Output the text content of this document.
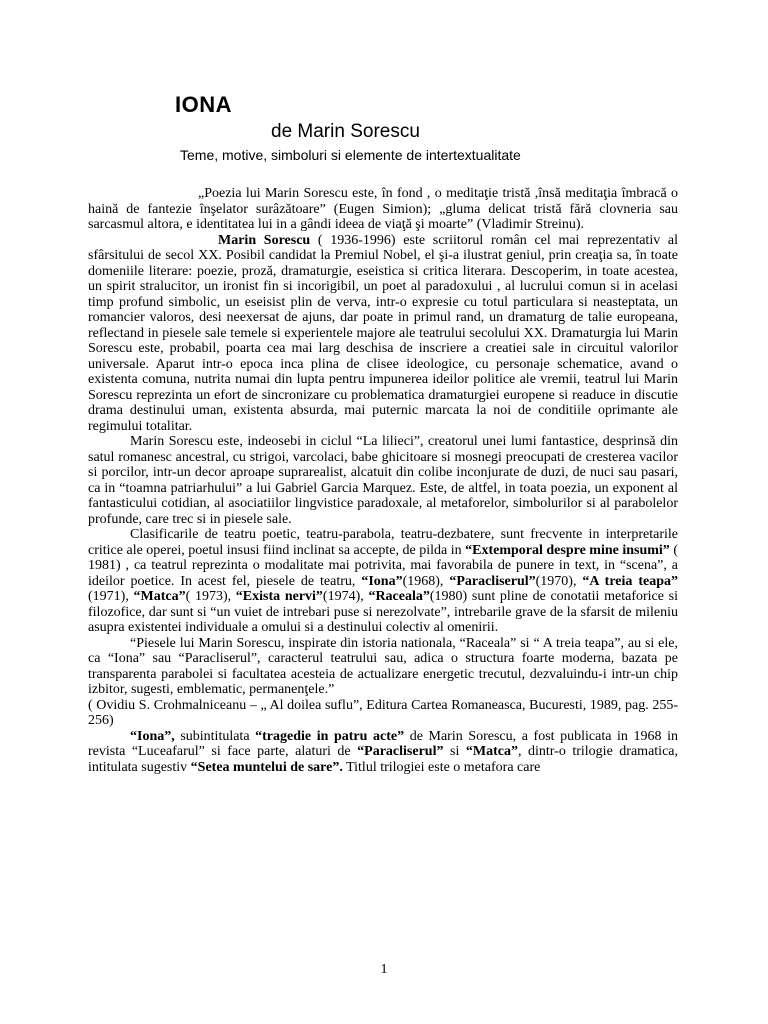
IONA
de Marin Sorescu
Teme, motive, simboluri si elemente de intertextualitate

„Poezia lui Marin Sorescu este, în fond , o meditaţie tristă ,însă meditaţia îmbracă o haină de fantezie înşelator surâzătoare” (Eugen Simion); „gluma delicat tristă fără clovneria sau sarcasmul altora, e identitatea lui in a gândi ideea de viaţă şi moarte” (Vladimir Streinu).

Marin Sorescu ( 1936-1996) este scriitorul român cel mai reprezentativ al sfârsitului de secol XX. Posibil candidat la Premiul Nobel, el şi-a ilustrat geniul, prin creaţia sa, în toate domeniile literare: poezie, proză, dramaturgie, eseistica si critica literara. Descoperim, in toate acestea, un spirit stralucitor, un ironist fin si incorigibil, un poet al paradoxului , al lucrului comun si in acelasi timp profund simbolic, un eseisist plin de verva, intr-o expresie cu totul particulara si neasteptata, un romancier valoros, desi neexersat de ajuns, dar poate in primul rand, un dramaturg de talie europeana, reflectand in piesele sale temele si experientele majore ale teatrului secolului XX. Dramaturgia lui Marin Sorescu este, probabil, poarta cea mai larg deschisa de inscriere a creatiei sale in circuitul valorilor universale. Aparut intr-o epoca inca plina de clisee ideologice, cu personaje schematice, avand o existenta comuna, nutrita numai din lupta pentru impunerea ideilor politice ale vremii, teatrul lui Marin Sorescu reprezinta un efort de sincronizare cu problematica dramaturgiei europene si readuce in discutie drama destinului uman, existenta absurda, mai puternic marcata la noi de conditiile oprimante ale regimului totalitar.

Marin Sorescu este, indeosebi in ciclul “La lilieci”, creatorul unei lumi fantastice, desprinsă din satul romanesc ancestral, cu strigoi, varcolaci, babe ghicitoare si mosnegi preocupati de cresterea vacilor si porcilor, intr-un decor aproape suprarealist, alcatuit din colibe inconjurate de duzi, de nuci sau pasari, ca in “toamna patriarhului” a lui Gabriel Garcia Marquez. Este, de altfel, in toata poezia, un exponent al fantasticului cotidian, al asociatiilor lingvistice paradoxale, al metaforelor, simbolurilor si al parabolelor profunde, care trec si in piesele sale.

Clasificarile de teatru poetic, teatru-parabola, teatru-dezbatere, sunt frecvente in interpretarile critice ale operei, poetul insusi fiind inclinat sa accepte, de pilda in “Extemporal despre mine insumi” ( 1981) , ca teatrul reprezinta o modalitate mai potrivita, mai favorabila de punere in text, in “scena”, a ideilor poetice. In acest fel, piesele de teatru, “Iona”(1968), “Paracliserul”(1970), “A treia teapa” (1971), “Matca”( 1973), “Exista nervi”(1974), “Raceala”(1980) sunt pline de conotatii metaforice si filozofice, dar sunt si “un vuiet de intrebari puse si nerezolvate”, intrebarile grave de la sfarsit de mileniu asupra existentei individuale a omului si a destinului colectiv al omenirii.

“Piesele lui Marin Sorescu, inspirate din istoria nationala, “Raceala” si “ A treia teapa”, au si ele, ca “Iona” sau “Paracliserul”, caracterul teatrului sau, adica o structura foarte moderna, bazata pe transparenta parabolei si facultatea acesteia de actualizare energetic trecutul, dezvaluindu-i intr-un chip izbitor, sugesti, emblematic, permanenţele.”

( Ovidiu S. Crohmalniceanu – „ Al doilea suflu”, Editura Cartea Romaneasca, Bucuresti, 1989, pag. 255-256)

“Iona”, subintitulata “tragedie in patru acte” de Marin Sorescu, a fost publicata in 1968 in revista “Luceafarul” si face parte, alaturi de “Paracliserul” si “Matca”, dintr-o trilogie dramatica, intitulata sugestiv “Setea muntelui de sare”. Titlul trilogiei este o metafora care

1
